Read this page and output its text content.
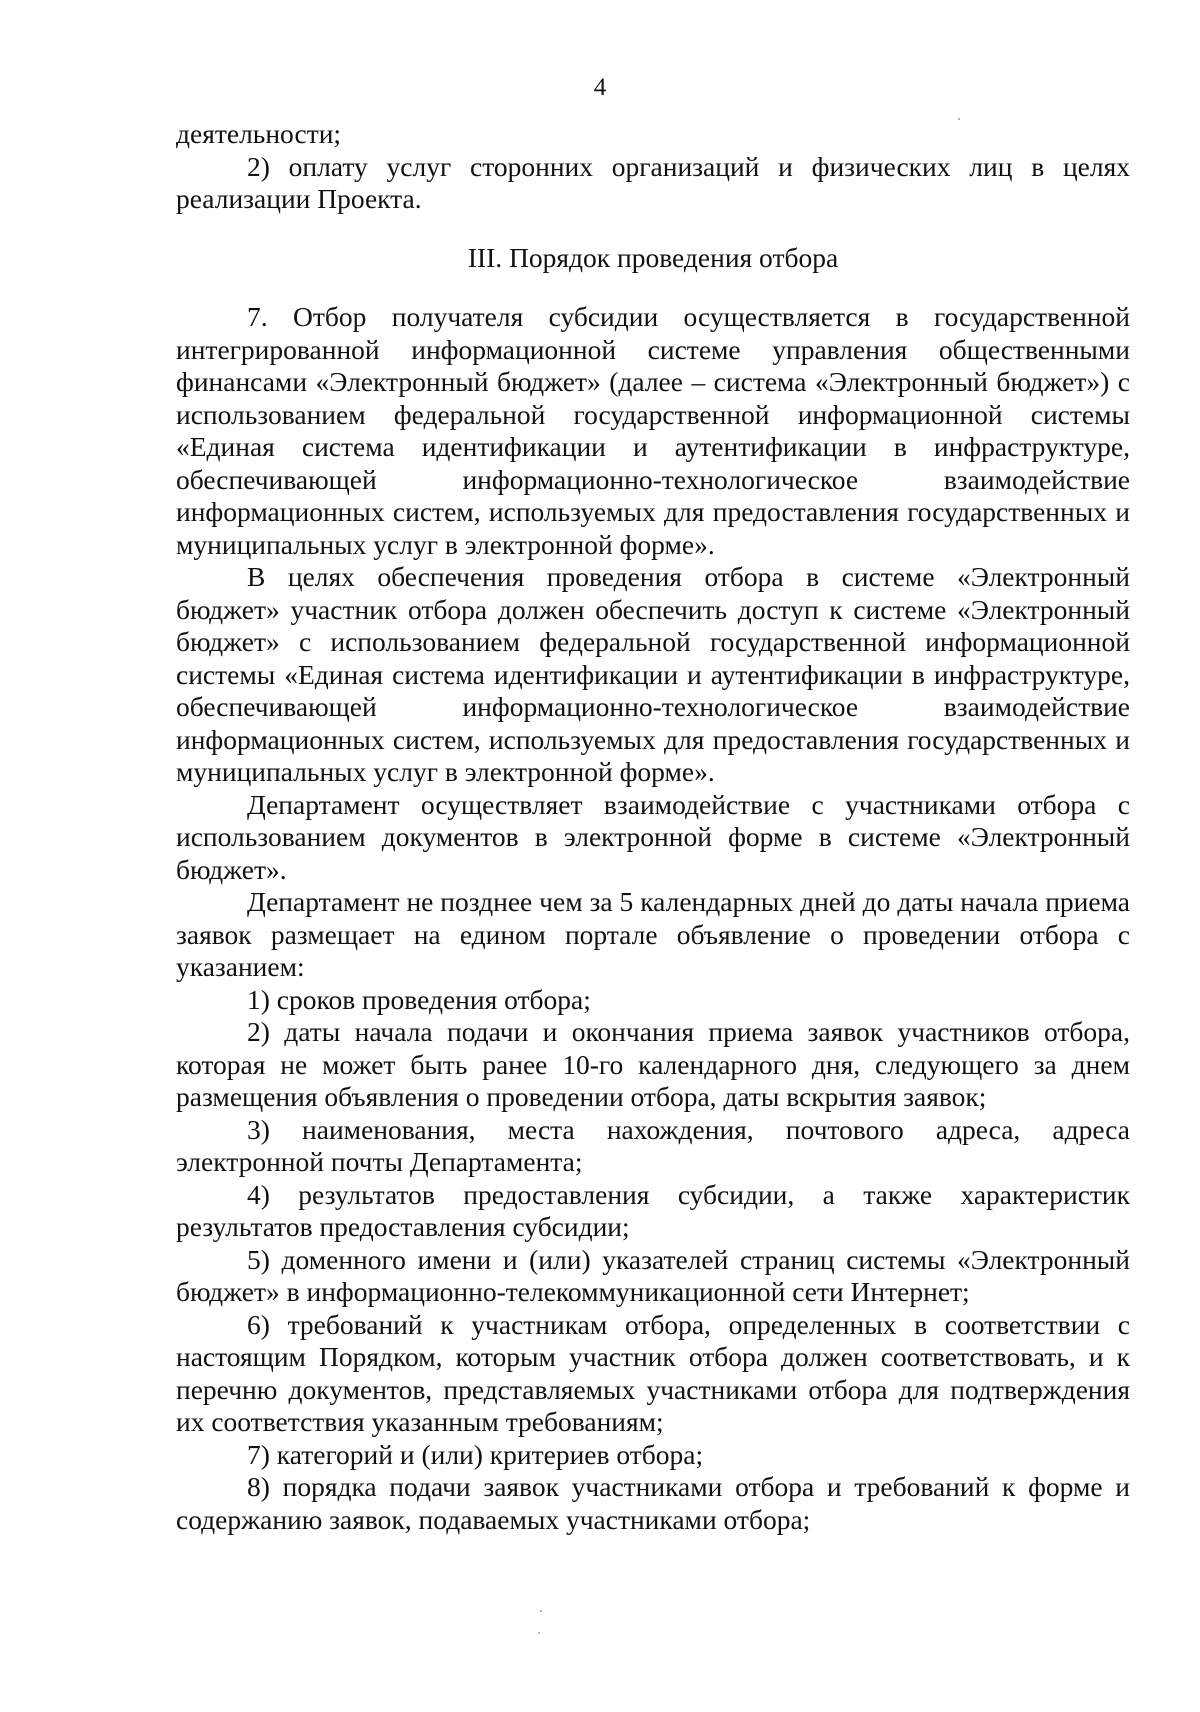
4

деятельности;

2) оплату услуг сторонних организаций и физических лиц в целях реализации Проекта.

III. Порядок проведения отбора

7. Отбор получателя субсидии осуществляется в государственной интегрированной информационной системе управления общественными финансами «Электронный бюджет» (далее – система «Электронный бюджет») с использованием федеральной государственной информационной системы «Единая система идентификации и аутентификации в инфраструктуре, обеспечивающей информационно-технологическое взаимодействие информационных систем, используемых для предоставления государственных и муниципальных услуг в электронной форме».

В целях обеспечения проведения отбора в системе «Электронный бюджет» участник отбора должен обеспечить доступ к системе «Электронный бюджет» с использованием федеральной государственной информационной системы «Единая система идентификации и аутентификации в инфраструктуре, обеспечивающей информационно-технологическое взаимодействие информационных систем, используемых для предоставления государственных и муниципальных услуг в электронной форме».

Департамент осуществляет взаимодействие с участниками отбора с использованием документов в электронной форме в системе «Электронный бюджет».

Департамент не позднее чем за 5 календарных дней до даты начала приема заявок размещает на едином портале объявление о проведении отбора с указанием:

1) сроков проведения отбора;

2) даты начала подачи и окончания приема заявок участников отбора, которая не может быть ранее 10-го календарного дня, следующего за днем размещения объявления о проведении отбора, даты вскрытия заявок;

3) наименования, места нахождения, почтового адреса, адреса электронной почты Департамента;

4) результатов предоставления субсидии, а также характеристик результатов предоставления субсидии;

5) доменного имени и (или) указателей страниц системы «Электронный бюджет» в информационно-телекоммуникационной сети Интернет;

6) требований к участникам отбора, определенных в соответствии с настоящим Порядком, которым участник отбора должен соответствовать, и к перечню документов, представляемых участниками отбора для подтверждения их соответствия указанным требованиям;

7) категорий и (или) критериев отбора;

8) порядка подачи заявок участниками отбора и требований к форме и содержанию заявок, подаваемых участниками отбора;
